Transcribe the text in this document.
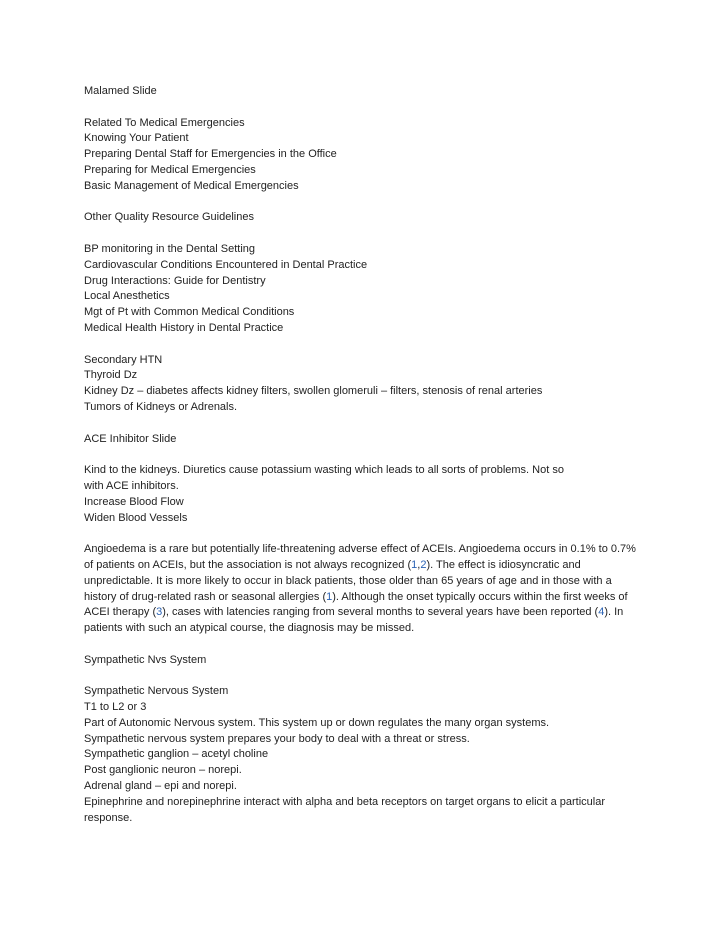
Malamed Slide

Related To Medical Emergencies

Knowing Your Patient

Preparing Dental Staff for Emergencies in the Office

Preparing for Medical Emergencies

Basic Management of Medical Emergencies

Other Quality Resource Guidelines

BP monitoring in the Dental Setting

Cardiovascular Conditions Encountered in Dental Practice

Drug Interactions: Guide for Dentistry

Local Anesthetics

Mgt of Pt with Common Medical Conditions

Medical Health History in Dental Practice

Secondary HTN

Thyroid Dz

Kidney Dz – diabetes affects kidney filters, swollen glomeruli – filters, stenosis of renal arteries

Tumors of Kidneys or Adrenals.

ACE Inhibitor Slide

Kind to the kidneys. Diuretics cause potassium wasting which leads to all sorts of problems. Not so

with ACE inhibitors.

Increase Blood Flow

Widen Blood Vessels

Angioedema is a rare but potentially life-threatening adverse effect of ACEIs. Angioedema occurs in 0.1% to 0.7% of patients on ACEIs, but the association is not always recognized (1,2). The effect is idiosyncratic and unpredictable. It is more likely to occur in black patients, those older than 65 years of age and in those with a history of drug-related rash or seasonal allergies (1). Although the onset typically occurs within the first weeks of ACEI therapy (3), cases with latencies ranging from several months to several years have been reported (4). In patients with such an atypical course, the diagnosis may be missed.

Sympathetic Nvs System

Sympathetic Nervous System

T1 to L2 or 3

Part of Autonomic Nervous system. This system up or down regulates the many organ systems.

Sympathetic nervous system prepares your body to deal with a threat or stress.

Sympathetic ganglion – acetyl choline

Post ganglionic neuron – norepi.

Adrenal gland – epi and norepi.

Epinephrine and norepinephrine interact with alpha and beta receptors on target organs to elicit a particular response.
